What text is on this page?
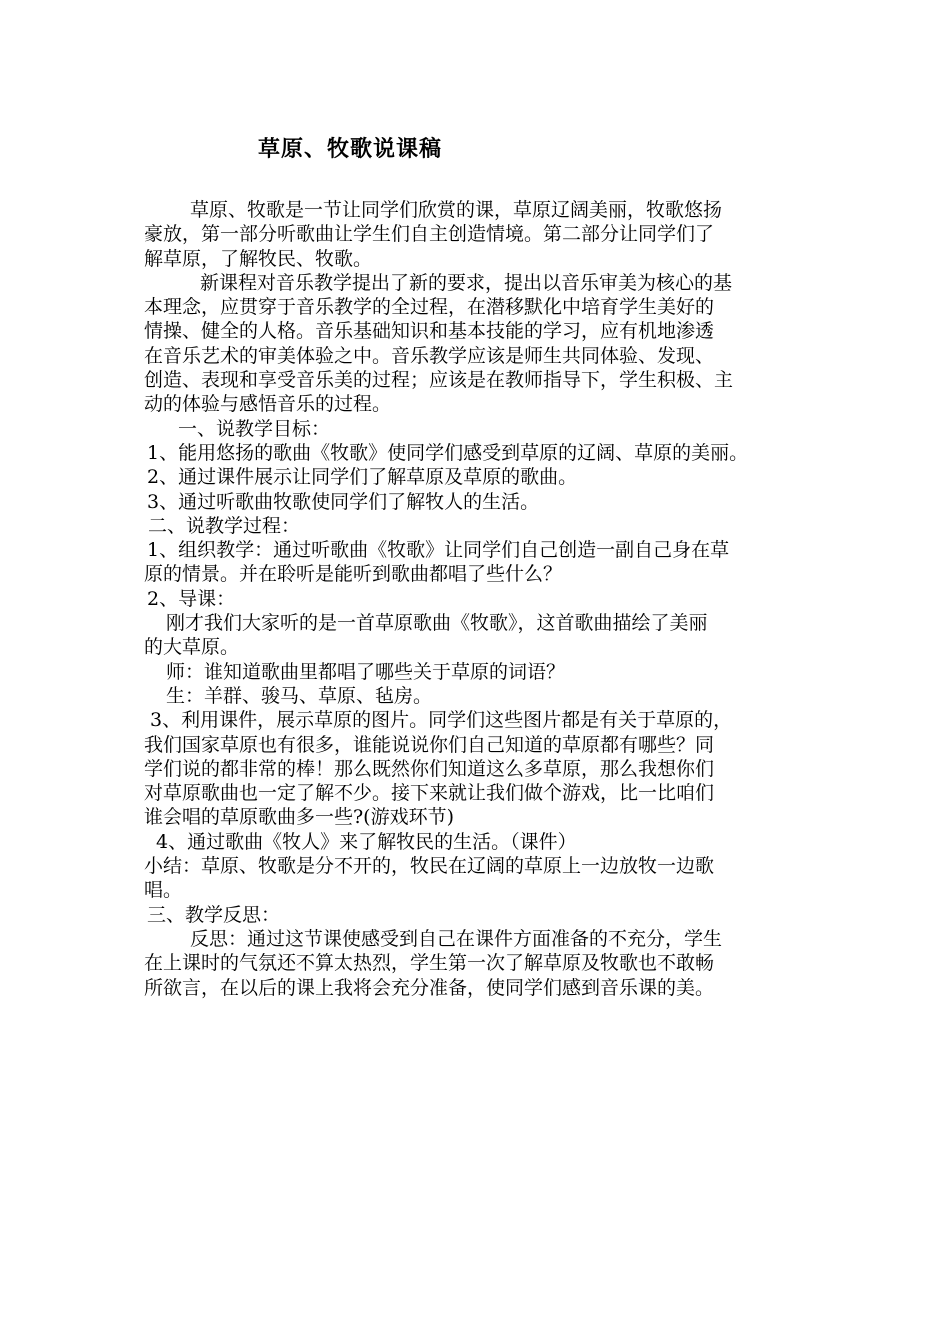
草原、牧歌说课稿
　　草原、牧歌是一节让同学们欣赏的课，草原辽阔美丽，牧歌悠扬
豪放，第一部分听歌曲让学生们自主创造情境。第二部分让同学们了
解草原，了解牧民、牧歌。
　　新课程对音乐教学提出了新的要求，提出以音乐审美为核心的基
本理念，应贯穿于音乐教学的全过程，在潜移默化中培育学生美好的
情操、健全的人格。音乐基础知识和基本技能的学习，应有机地渗透
在音乐艺术的审美体验之中。音乐教学应该是师生共同体验、发现、
创造、表现和享受音乐美的过程；应该是在教师指导下，学生积极、主
动的体验与感悟音乐的过程。
　一、说教学目标：
1、能用悠扬的歌曲《牧歌》使同学们感受到草原的辽阔、草原的美丽。
2、通过课件展示让同学们了解草原及草原的歌曲。
3、通过听歌曲牧歌使同学们了解牧人的生活。
二、说教学过程：
1、组织教学：通过听歌曲《牧歌》让同学们自己创造一副自己身在草
原的情景。并在聆听是能听到歌曲都唱了些什么？
2、导课：
刚才我们大家听的是一首草原歌曲《牧歌》，这首歌曲描绘了美丽
的大草原。
师：谁知道歌曲里都唱了哪些关于草原的词语？
生：羊群、骏马、草原、毡房。
3、利用课件，展示草原的图片。同学们这些图片都是有关于草原的，
我们国家草原也有很多，谁能说说你们自己知道的草原都有哪些？同
学们说的都非常的棒！那么既然你们知道这么多草原，那么我想你们
对草原歌曲也一定了解不少。接下来就让我们做个游戏，比一比咱们
谁会唱的草原歌曲多一些?(游戏环节)
4、通过歌曲《牧人》来了解牧民的生活。（课件）
小结：草原、牧歌是分不开的，牧民在辽阔的草原上一边放牧一边歌
唱。
三、教学反思：
　　反思：通过这节课使感受到自己在课件方面准备的不充分，学生
在上课时的气氛还不算太热烈，学生第一次了解草原及牧歌也不敢畅
所欲言，在以后的课上我将会充分准备，使同学们感到音乐课的美。
